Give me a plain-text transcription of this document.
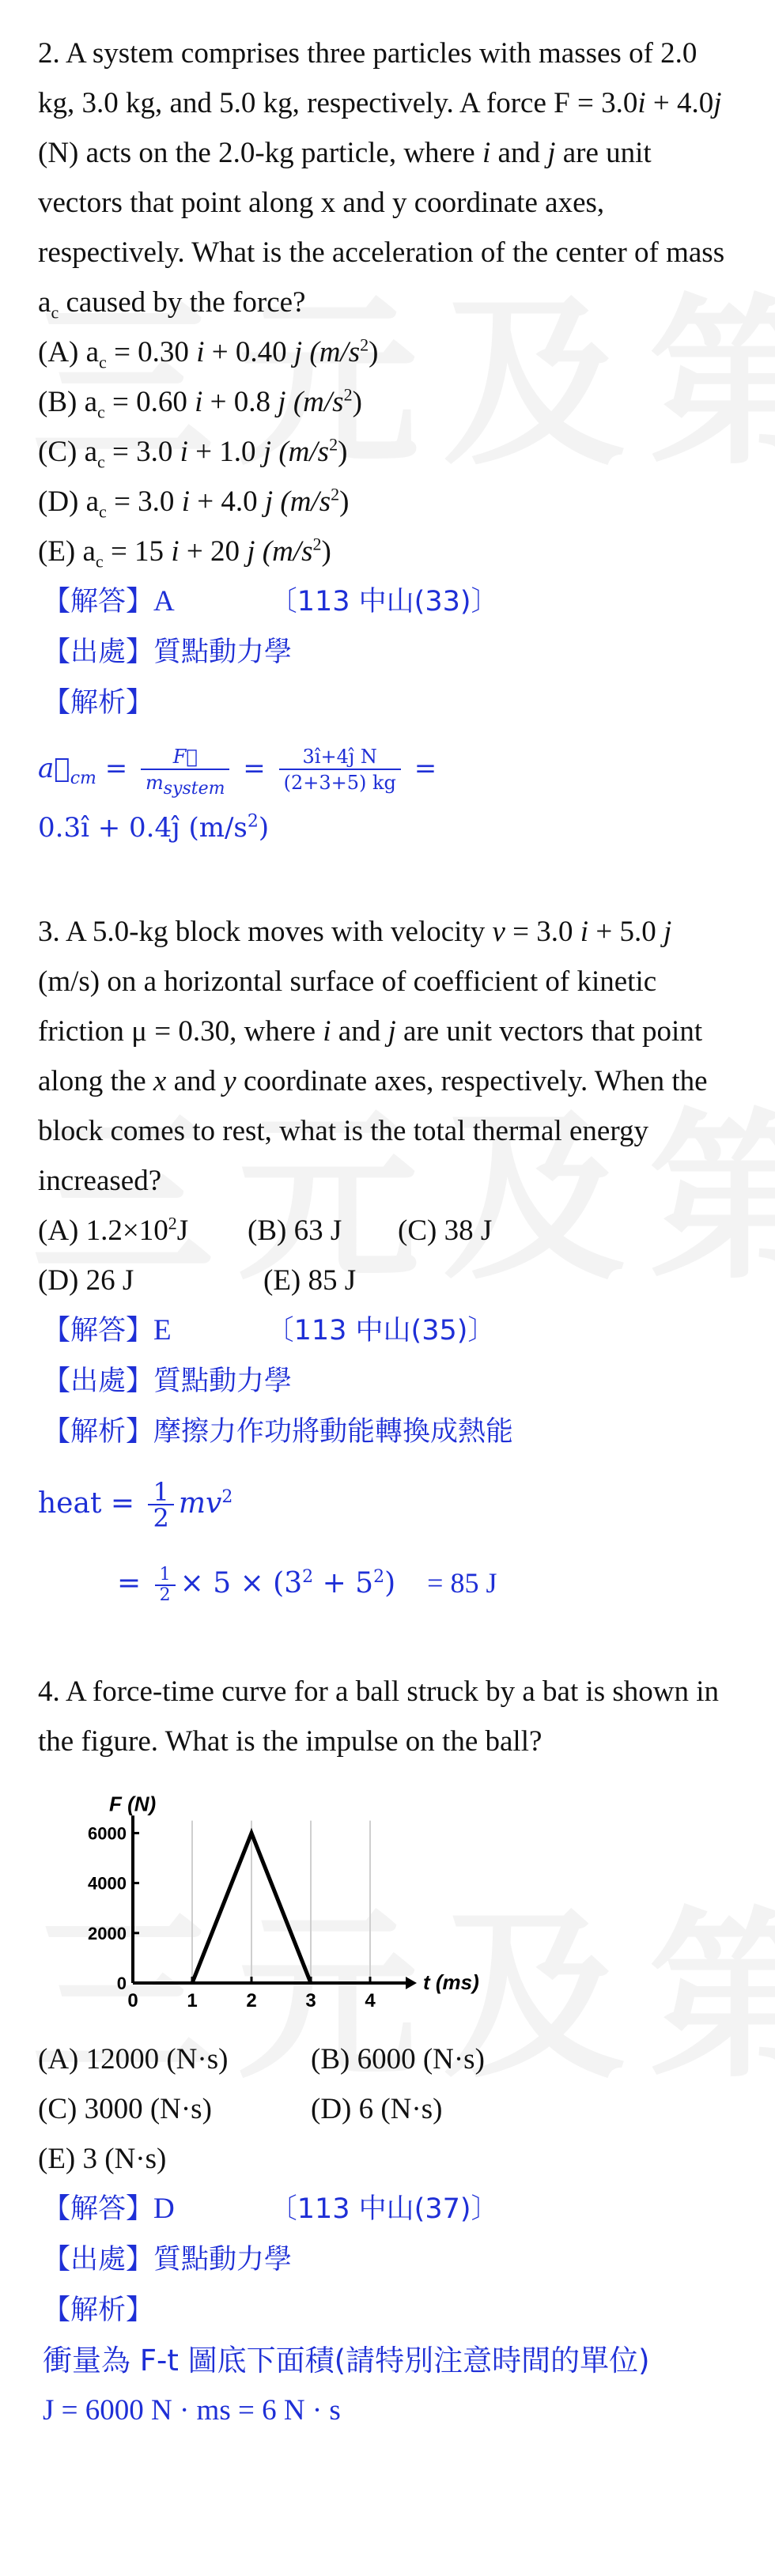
2. A system comprises three particles with masses of 2.0 kg, 3.0 kg, and 5.0 kg, respectively. A force F = 3.0i + 4.0j (N) acts on the 2.0-kg particle, where i and j are unit vectors that point along x and y coordinate axes, respectively. What is the acceleration of the center of mass $a_c$ caused by the force?

(A) $a_c = 0.30$ i + 0.40 j $(m/s^2)$
(B) $a_c = 0.60$ i + 0.8 j $(m/s^2)$
(C) $a_c = 3.0$ i + 1.0 j $(m/s^2)$
(D) $a_c = 3.0$ i + 4.0 j $(m/s^2)$
(E) $a_c = 15$ i + 20 j $(m/s^2)$
【解答】A	〔113 中山(33)〕
【出處】質點動力學
【解析】
$a⃗_{cm} = \frac{F⃗}{m_{system}} = \frac{\text{3î+4ĵ N}}{(2+3+5) kg}$ =
0.3î + 0.4ĵ $(m/s^2)$

3. A 5.0-kg block moves with velocity v = 3.0 i + 5.0 j (m/s) on a horizontal surface of coefficient of kinetic friction μ = 0.30, where i and j are unit vectors that point along the x and y coordinate axes, respectively. When the block comes to rest, what is the total thermal energy increased?

(A) $1.2\times 10^2J$ (B) 63 J (C) 38 J
(D) 26 J	(E) 85 J
【解答】E	〔113 中山(35)〕
【出處】質點動力學
【解析】摩擦力作功將動能轉換成熱能
heat = $\frac{1}{2} mv^2$
= $\frac{1}{2} \times 5 \times (3^2 + 5^2) = 85$ J

4. A force-time curve for a ball struck by a bat is shown in the figure. What is the impulse on the ball?

0
2000
4000
6000
0	1	2	3	4
F (N)
t (ms)
(A) 12000 (N·s)	(B) 6000 (N·s)
(C) 3000 (N·s)	(D) 6 (N·s)
(E) 3 (N·s)
【解答】D	〔113 中山(37)〕
【出處】質點動力學
【解析】
衝量為 F-t 圖底下面積(請特別注意時間的單位)
J = 6000 N · ms = 6 N · s
